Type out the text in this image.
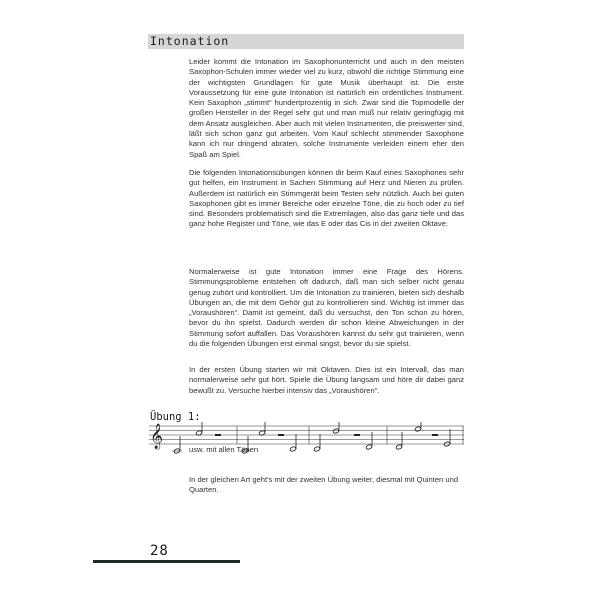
Intonation

Leider kommt die Intonation im Saxophonunterricht und auch in den meisten Saxophon-Schulen immer wieder viel zu kurz, obwohl die richtige Stimmung eine der wichtigsten Grundlagen für gute Musik überhaupt ist. Die erste Voraussetzung für eine gute Intonation ist natürlich ein ordentliches Instrument. Kein Saxophon „stimmt“ hundertprozentig in sich. Zwar sind die Topmodelle der großen Hersteller in der Regel sehr gut und man muß nur relativ geringfügig mit dem Ansatz ausgleichen. Aber auch mit vielen Instrumenten, die preiswerter sind, läßt sich schon ganz gut arbeiten. Vom Kauf schlecht stimmender Saxophone kann ich nur dringend abraten, solche Instrumente verleiden einem eher den Spaß am Spiel.

Die folgenden Intonationsübungen können dir beim Kauf eines Saxophones sehr gut helfen, ein Instrument in Sachen Stimmung auf Herz und Nieren zu prüfen. Außerdem ist natürlich ein Stimmgerät beim Testen sehr nützlich. Auch bei guten Saxophonen gibt es immer Bereiche oder einzelne Töne, die zu hoch oder zu tief sind. Besonders problematisch sind die Extremlagen, also das ganz tiefe und das ganz hohe Register und Töne, wie das E oder das Cis in der zweiten Oktave.

Normalerweise ist gute Intonation immer eine Frage des Hörens. Stimmungsprobleme entstehen oft dadurch, daß man sich selber nicht genau genug zuhört und kontrolliert. Um die Intonation zu trainieren, bieten sich deshalb Übungen an, die mit dem Gehör gut zu kontrollieren sind. Wichtig ist immer das „Voraushören“. Damit ist gemeint, daß du versuchst, den Ton schon zu hören, bevor du ihn spielst. Dadurch werden dir schon kleine Abweichungen in der Stimmung sofort auffallen. Das Voraushören kannst du sehr gut trainieren, wenn du die folgenden Übungen erst einmal singst, bevor du sie spielst.

In der ersten Übung starten wir mit Oktaven. Dies ist ein Intervall, das man normalerweise sehr gut hört. Spiele die Übung langsam und höre dir dabei ganz bewußt zu. Versuche hierbei intensiv das „Voraushören“.

Übung 1:
𝄞
usw. mit allen Tönen

In der gleichen Art geht's mit der zweiten Übung weiter, diesmal mit Quinten und Quarten.

28
